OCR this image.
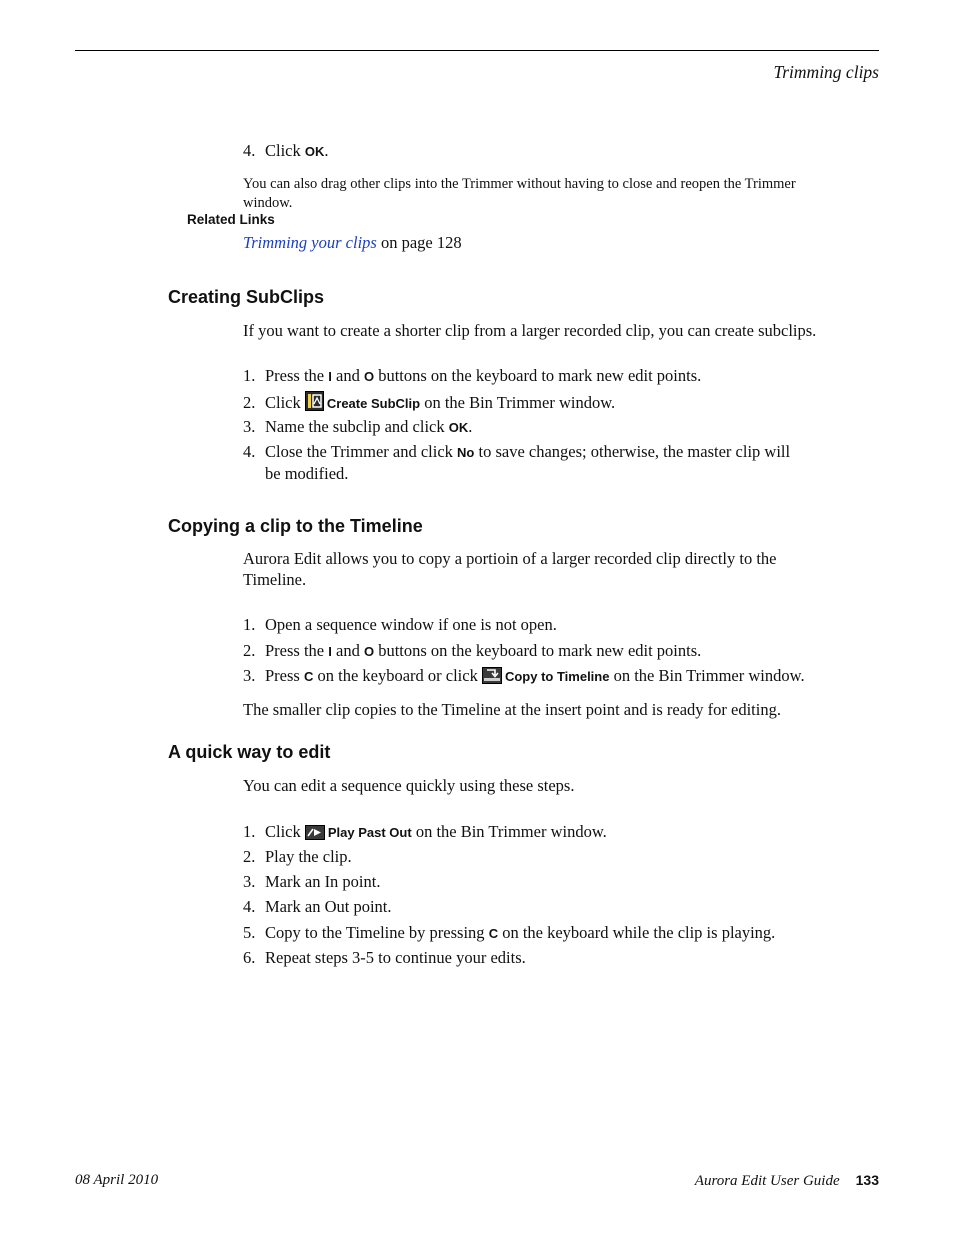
Trimming clips
4. Click OK.
You can also drag other clips into the Trimmer without having to close and reopen the Trimmer window.
Related Links
Trimming your clips on page 128
Creating SubClips
If you want to create a shorter clip from a larger recorded clip, you can create subclips.
1. Press the I and O buttons on the keyboard to mark new edit points.
2. Click Create SubClip on the Bin Trimmer window.
3. Name the subclip and click OK.
4. Close the Trimmer and click No to save changes; otherwise, the master clip will
be modified.
Copying a clip to the Timeline
Aurora Edit allows you to copy a portioin of a larger recorded clip directly to the
Timeline.
1. Open a sequence window if one is not open.
2. Press the I and O buttons on the keyboard to mark new edit points.
3. Press C on the keyboard or click Copy to Timeline on the Bin Trimmer window.
The smaller clip copies to the Timeline at the insert point and is ready for editing.
A quick way to edit
You can edit a sequence quickly using these steps.
1. Click Play Past Out on the Bin Trimmer window.
2. Play the clip.
3. Mark an In point.
4. Mark an Out point.
5. Copy to the Timeline by pressing C on the keyboard while the clip is playing.
6. Repeat steps 3-5 to continue your edits.
08 April 2010	Aurora Edit User Guide 133
